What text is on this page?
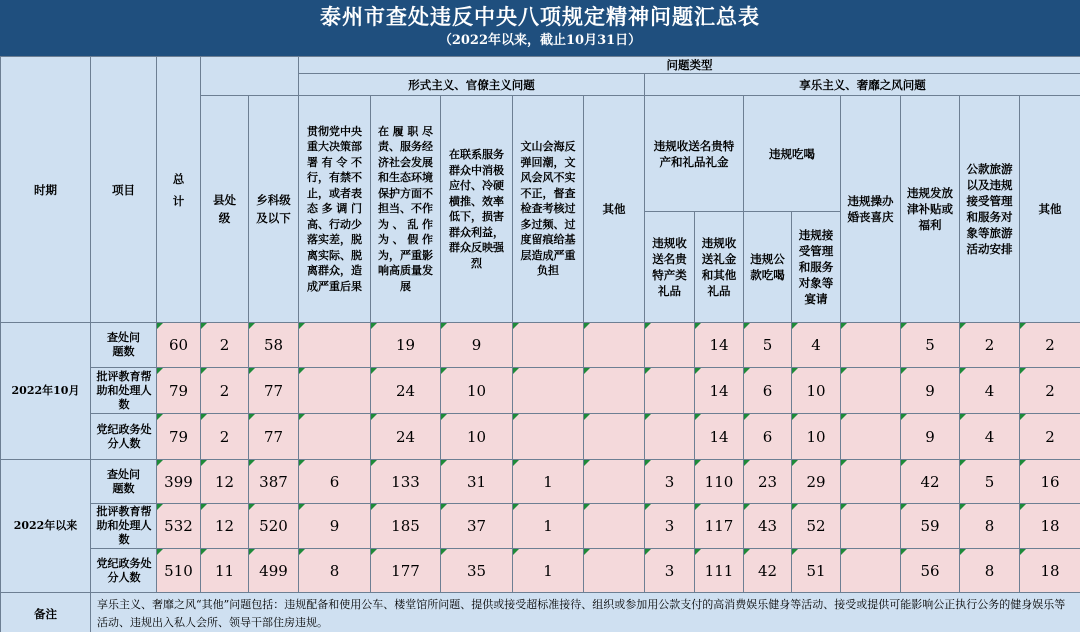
泰州市查处违反中央八项规定精神问题汇总表
（2022年以来，截止10月31日）
时期	项目	总计			问题类型												
					形式主义、官僚主义问题					享乐主义、奢靡之风问题							

			县处级	乡科级及以下	贯彻党中央重大决策部署有令不行，有禁不止，或者表态多调门高、行动少落实差，脱离实际、脱离群众，造成严重后果	在履职尽责、服务经济社会发展和生态环境保护方面不担当、不作为、乱作为、假作为，严重影响高质量发展	在联系服务群众中消极应付、冷硬横推、效率低下，损害群众利益，群众反映强烈	文山会海反弹回潮，文风会风不实不正，督查检查考核过多过频、过度留痕给基层造成严重负担	其他	违规收送名贵特产和礼品礼金		违规吃喝		违规操办婚丧喜庆	违规发放津补贴或福利	公款旅游以及违规接受管理和服务对象等旅游活动安排	其他

										违规收送名贵特产类礼品	违规收送礼金和其他礼品	违规公款吃喝	违规接受管理和服务对象等宴请				

2022年10月	查处问题数	60	2	58		19	9				14	5	4		5	2	2

	批评教育帮助和处理人数	79	2	77		24	10				14	6	10		9	4	2

	党纪政务处分人数	79	2	77		24	10				14	6	10		9	4	2
2022年以来	查处问题数	399	12	387	6	133	31	1		3	110	23	29		42	5	16

	批评教育帮助和处理人数	532	12	520	9	185	37	1		3	117	43	52		59	8	18

	党纪政务处分人数	510	11	499	8	177	35	1		3	111	42	51		56	8	18
备注	享乐主义、奢靡之风“其他”问题包括：违规配备和使用公车、楼堂馆所问题、提供或接受超标准接待、组织或参加用公款支付的高消费娱乐健身等活动、接受或提供可能影响公正执行公务的健身娱乐等活动、违规出入私人会所、领导干部住房违规。																
